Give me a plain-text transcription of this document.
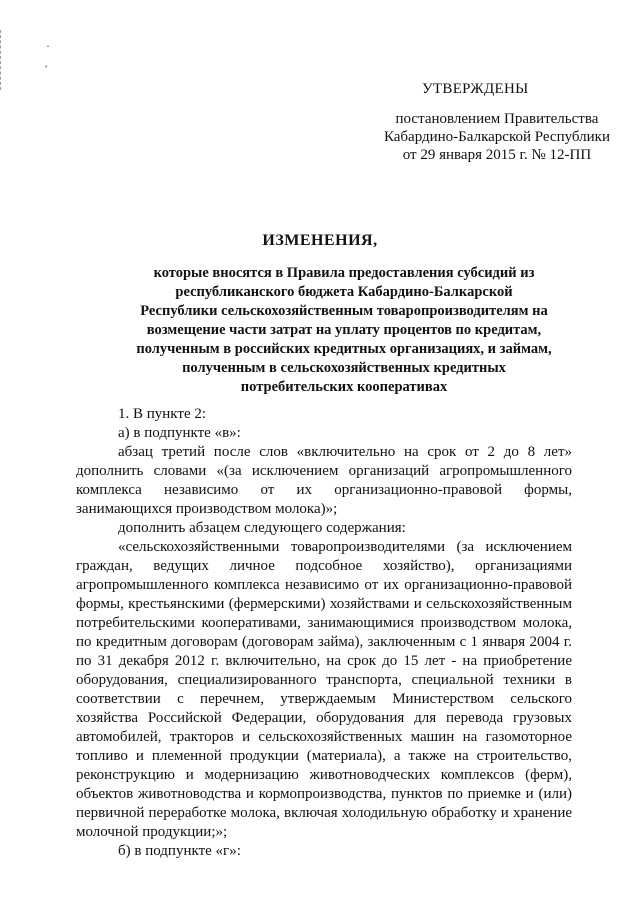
·
ˊ
УТВЕРЖДЕНЫ
постановлением Правительства
Кабардино-Балкарской Республики
от 29 января 2015 г. № 12-ПП
ИЗМЕНЕНИЯ,
которые вносятся в Правила предоставления субсидий из
республиканского бюджета Кабардино-Балкарской
Республики сельскохозяйственным товаропроизводителям на
возмещение части затрат на уплату процентов по кредитам,
полученным в российских кредитных организациях, и займам,
полученным в сельскохозяйственных кредитных
потребительских кооперативах

1. В пункте 2:

а) в подпункте «в»:

абзац третий после слов «включительно на срок от 2 до 8 лет» дополнить словами «(за исключением организаций агропромышленного комплекса независимо от их организационно-правовой формы, занимающихся производством молока)»;

дополнить абзацем следующего содержания:

«сельскохозяйственными товаропроизводителями (за исключением граждан, ведущих личное подсобное хозяйство), организациями агропромышленного комплекса независимо от их организационно-правовой формы, крестьянскими (фермерскими) хозяйствами и сельскохозяйственным потребительскими кооперативами, занимающимися производством молока, по кредитным договорам (договорам займа), заключенным с 1 января 2004 г. по 31 декабря 2012 г. включительно, на срок до 15 лет - на приобретение оборудования, специализированного транспорта, специальной техники в соответствии с перечнем, утверждаемым Министерством сельского хозяйства Российской Федерации, оборудования для перевода грузовых автомобилей, тракторов и сельскохозяйственных машин на газомоторное топливо и племенной продукции (материала), а также на строительство, реконструкцию и модернизацию животноводческих комплексов (ферм), объектов животноводства и кормопроизводства, пунктов по приемке и (или) первичной переработке молока, включая холодильную обработку и хранение молочной продукции;»;

б) в подпункте «г»:
